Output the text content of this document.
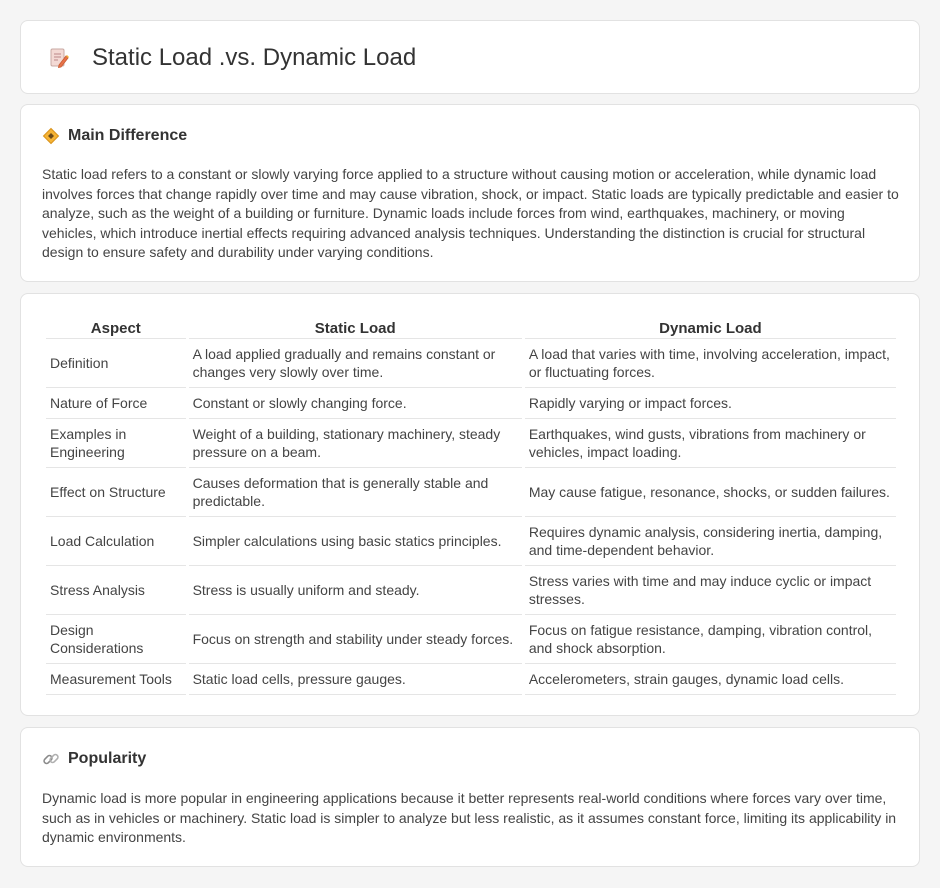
Static Load .vs. Dynamic Load
Main Difference

Static load refers to a constant or slowly varying force applied to a structure without causing motion or acceleration, while dynamic load involves forces that change rapidly over time and may cause vibration, shock, or impact. Static loads are typically predictable and easier to analyze, such as the weight of a building or furniture. Dynamic loads include forces from wind, earthquakes, machinery, or moving vehicles, which introduce inertial effects requiring advanced analysis techniques. Understanding the distinction is crucial for structural design to ensure safety and durability under varying conditions.

Aspect	Static Load	Dynamic Load
Definition	A load applied gradually and remains constant or changes very slowly over time.	A load that varies with time, involving acceleration, impact, or fluctuating forces.
Nature of Force	Constant or slowly changing force.	Rapidly varying or impact forces.
Examples in Engineering	Weight of a building, stationary machinery, steady pressure on a beam.	Earthquakes, wind gusts, vibrations from machinery or vehicles, impact loading.
Effect on Structure	Causes deformation that is generally stable and predictable.	May cause fatigue, resonance, shocks, or sudden failures.
Load Calculation	Simpler calculations using basic statics principles.	Requires dynamic analysis, considering inertia, damping, and time-dependent behavior.
Stress Analysis	Stress is usually uniform and steady.	Stress varies with time and may induce cyclic or impact stresses.
Design Considerations	Focus on strength and stability under steady forces.	Focus on fatigue resistance, damping, vibration control, and shock absorption.
Measurement Tools	Static load cells, pressure gauges.	Accelerometers, strain gauges, dynamic load cells.
Popularity

Dynamic load is more popular in engineering applications because it better represents real-world conditions where forces vary over time, such as in vehicles or machinery. Static load is simpler to analyze but less realistic, as it assumes constant force, limiting its applicability in dynamic environments.
